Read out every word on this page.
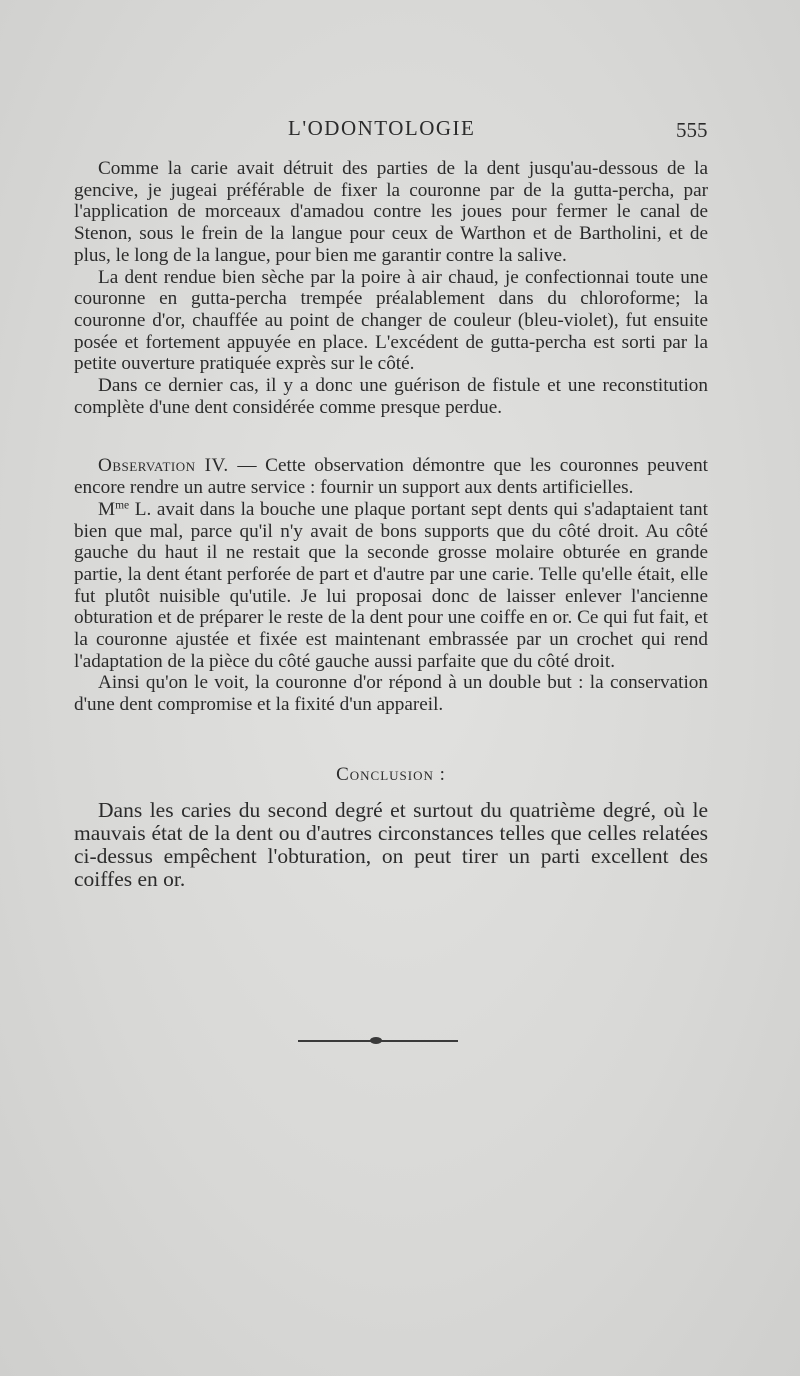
L'ODONTOLOGIE	555

Comme la carie avait détruit des parties de la dent jusqu'au-dessous de la gencive, je jugeai préférable de fixer la couronne par de la gutta-percha, par l'application de morceaux d'amadou contre les joues pour fermer le canal de Stenon, sous le frein de la langue pour ceux de Warthon et de Bartholini, et de plus, le long de la langue, pour bien me garantir contre la salive.

La dent rendue bien sèche par la poire à air chaud, je confectionnai toute une couronne en gutta-percha trempée préalablement dans du chloroforme; la couronne d'or, chauffée au point de changer de couleur (bleu-violet), fut ensuite posée et fortement appuyée en place. L'excédent de gutta-percha est sorti par la petite ouverture pratiquée exprès sur le côté.

Dans ce dernier cas, il y a donc une guérison de fistule et une reconstitution complète d'une dent considérée comme presque perdue.

Observation IV. — Cette observation démontre que les couronnes peuvent encore rendre un autre service : fournir un support aux dents artificielles.

$M^{me}$ L. avait dans la bouche une plaque portant sept dents qui s'adaptaient tant bien que mal, parce qu'il n'y avait de bons supports que du côté droit. Au côté gauche du haut il ne restait que la seconde grosse molaire obturée en grande partie, la dent étant perforée de part et d'autre par une carie. Telle qu'elle était, elle fut plutôt nuisible qu'utile. Je lui proposai donc de laisser enlever l'ancienne obturation et de préparer le reste de la dent pour une coiffe en or. Ce qui fut fait, et la couronne ajustée et fixée est maintenant embrassée par un crochet qui rend l'adaptation de la pièce du côté gauche aussi parfaite que du côté droit.

Ainsi qu'on le voit, la couronne d'or répond à un double but : la conservation d'une dent compromise et la fixité d'un appareil.

Conclusion :

Dans les caries du second degré et surtout du quatrième degré, où le mauvais état de la dent ou d'autres circonstances telles que celles relatées ci-dessus empêchent l'obturation, on peut tirer un parti excellent des coiffes en or.
